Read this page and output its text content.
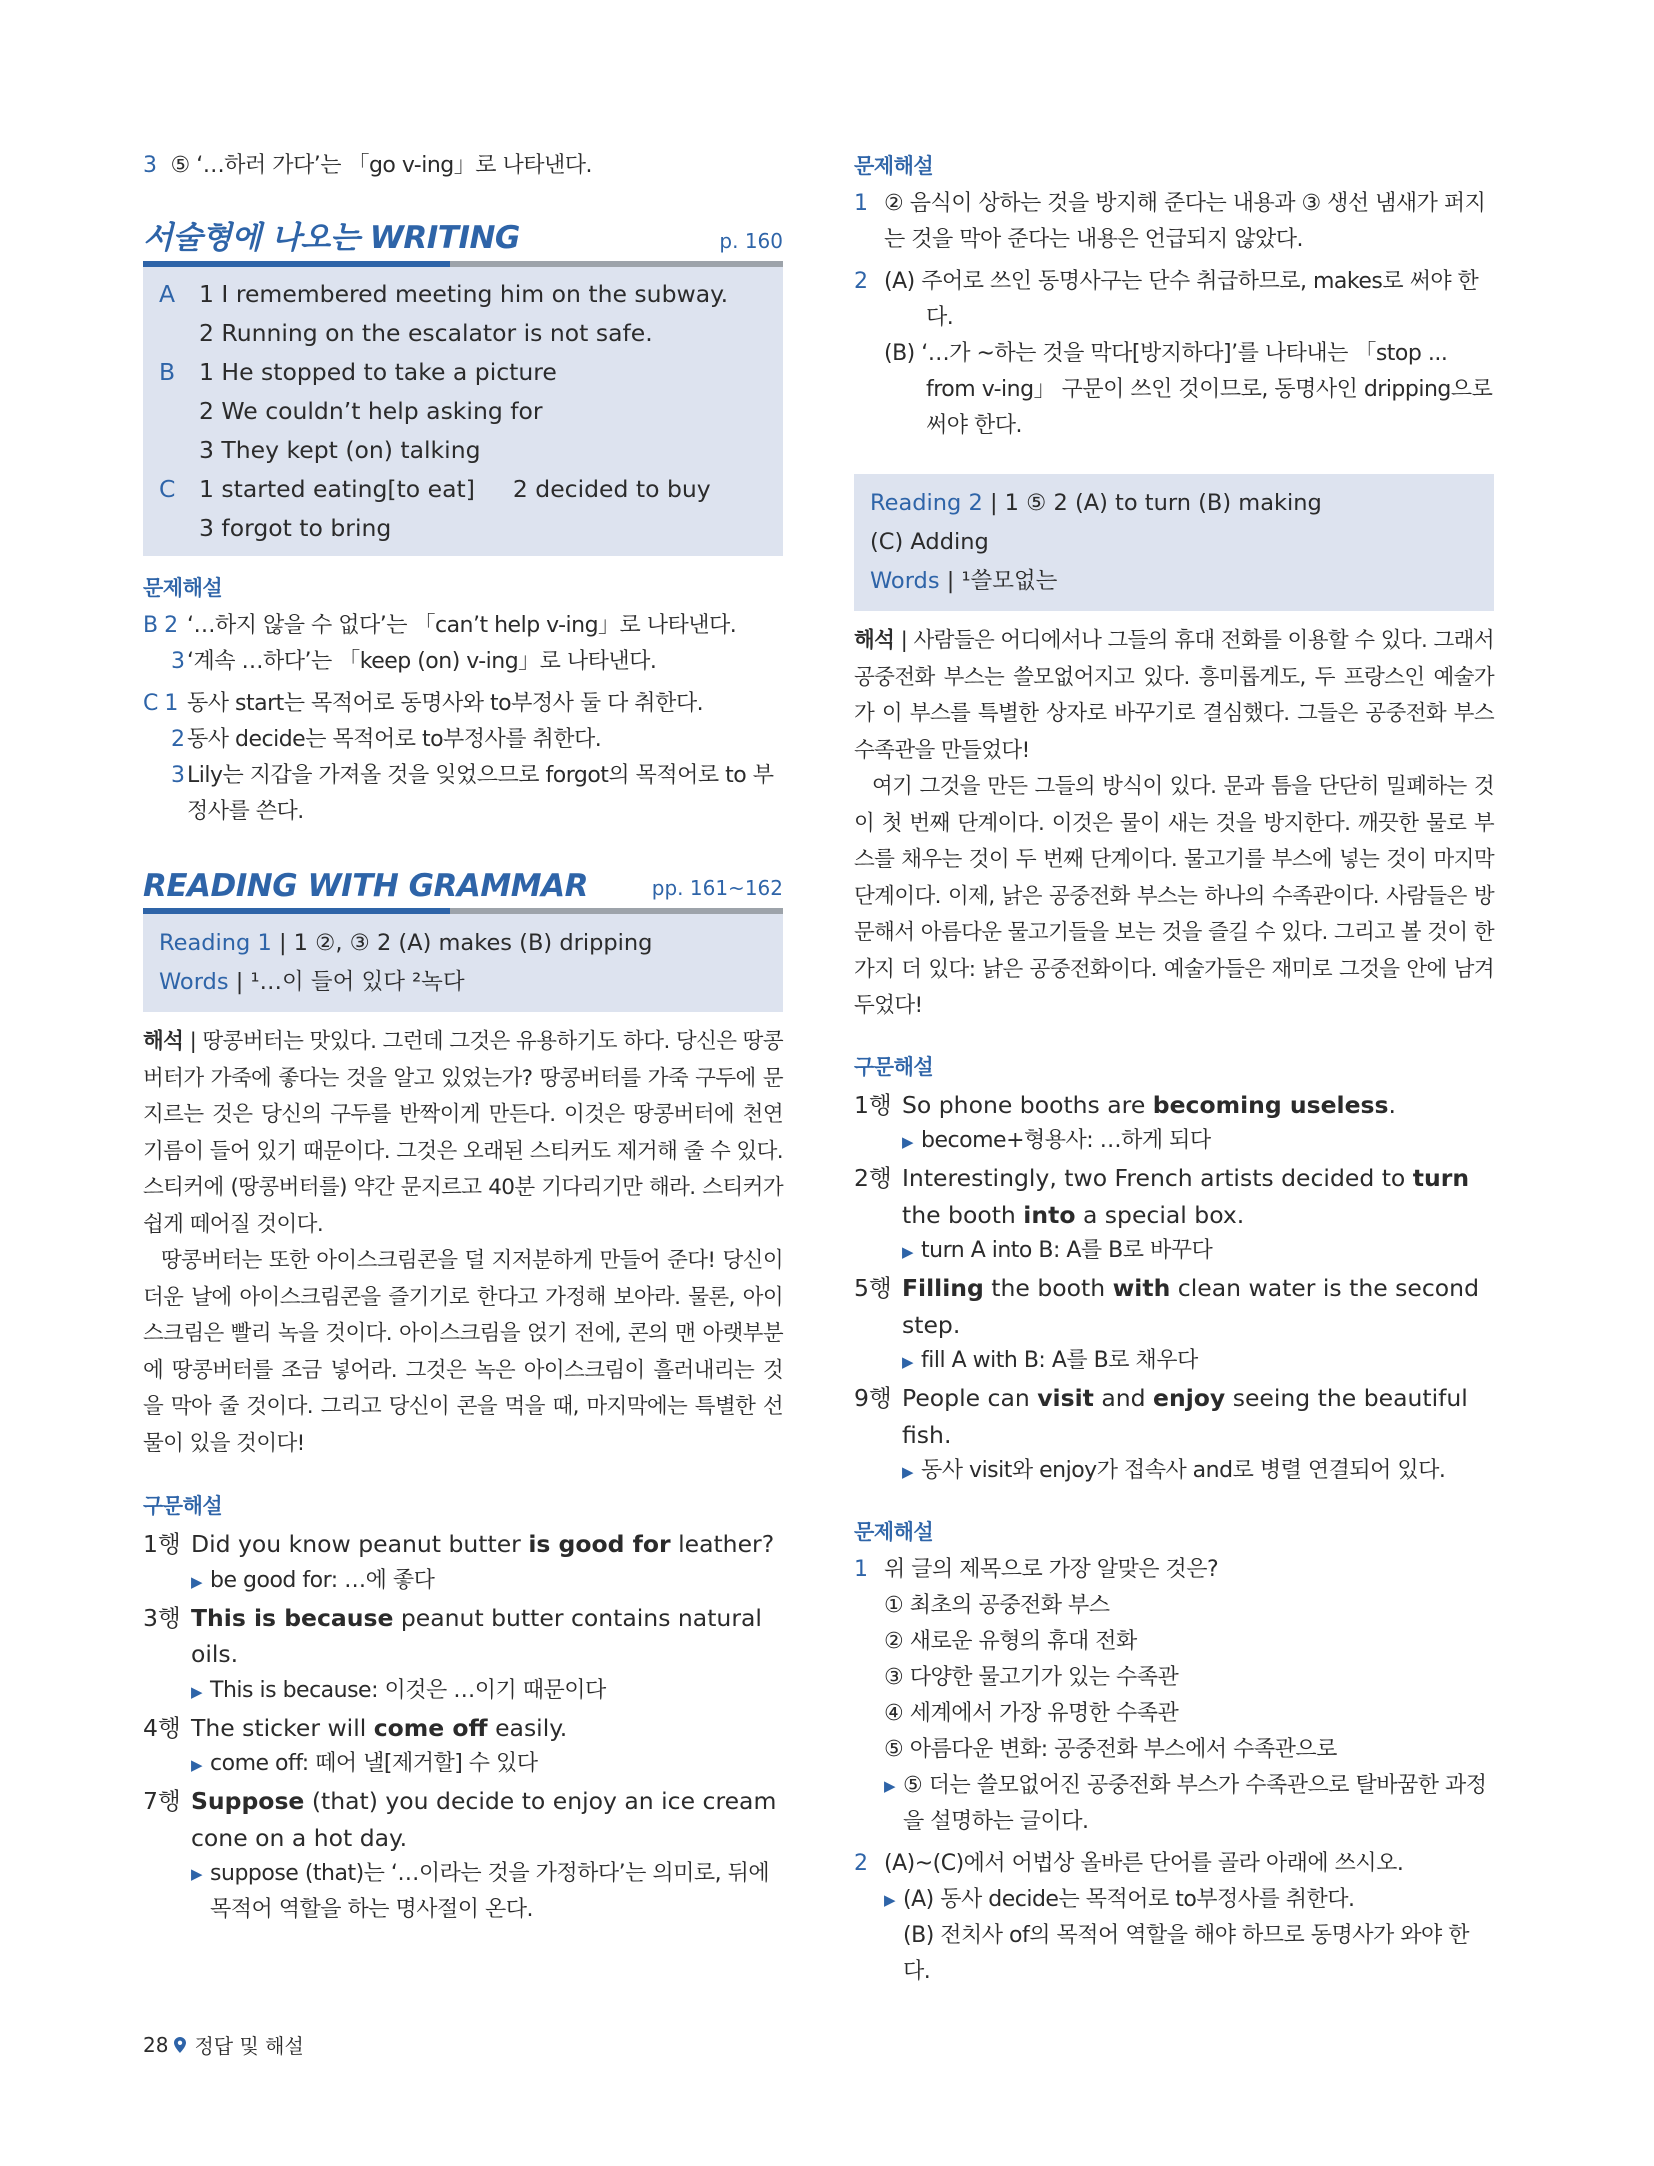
3 ⑤ ‘…하러 가다’는 「go v-ing」로 나타낸다.

서술형에 나오는 WRITING	p. 160
A	1 I remembered meeting him on the subway.
2 Running on the escalator is not safe.
B	1 He stopped to take a picture
2 We couldn’t help asking for
3 They kept (on) talking
C	1 started eating[to eat] 2 decided to buy
3 forgot to bring

문제해설

B 2 ‘…하지 않을 수 없다’는 「can’t help v-ing」로 나타낸다.
3 ‘계속 …하다’는 「keep (on) v-ing」로 나타낸다.
C 1 동사 start는 목적어로 동명사와 to부정사 둘 다 취한다.
2 동사 decide는 목적어로 to부정사를 취한다.
3 Lily는 지갑을 가져올 것을 잊었으므로 forgot의 목적어로 to 부정사를 쓴다.
READING WITH GRAMMAR	pp. 161~162
Reading 1 | 1 ②, ③ 2 (A) makes (B) dripping
Words | ¹…이 들어 있다 ²녹다

해석 | 땅콩버터는 맛있다. 그런데 그것은 유용하기도 하다. 당신은 땅콩버터가 가죽에 좋다는 것을 알고 있었는가? 땅콩버터를 가죽 구두에 문지르는 것은 당신의 구두를 반짝이게 만든다. 이것은 땅콩버터에 천연 기름이 들어 있기 때문이다. 그것은 오래된 스티커도 제거해 줄 수 있다. 스티커에 (땅콩버터를) 약간 문지르고 40분 기다리기만 해라. 스티커가 쉽게 떼어질 것이다.

땅콩버터는 또한 아이스크림콘을 덜 지저분하게 만들어 준다! 당신이 더운 날에 아이스크림콘을 즐기기로 한다고 가정해 보아라. 물론, 아이스크림은 빨리 녹을 것이다. 아이스크림을 얹기 전에, 콘의 맨 아랫부분에 땅콩버터를 조금 넣어라. 그것은 녹은 아이스크림이 흘러내리는 것을 막아 줄 것이다. 그리고 당신이 콘을 먹을 때, 마지막에는 특별한 선물이 있을 것이다!

구문해설

1행 Did you know peanut butter is good for leather?
▶ be good for: …에 좋다
3행 This is because peanut butter contains natural oils.
▶ This is because: 이것은 …이기 때문이다
4행 The sticker will come off easily.
▶ come off: 떼어 낼[제거할] 수 있다
7행 Suppose (that) you decide to enjoy an ice cream cone on a hot day.
▶ suppose (that)는 ‘…이라는 것을 가정하다’는 의미로, 뒤에 목적어 역할을 하는 명사절이 온다.

문제해설

1 ② 음식이 상하는 것을 방지해 준다는 내용과 ③ 생선 냄새가 퍼지는 것을 막아 준다는 내용은 언급되지 않았다.
2 (A) 주어로 쓰인 동명사구는 단수 취급하므로, makes로 써야 한다.
(B) ‘…가 ~하는 것을 막다[방지하다]’를 나타내는 「stop ... from v-ing」 구문이 쓰인 것이므로, 동명사인 dripping으로 써야 한다.
Reading 2 | 1 ⑤ 2 (A) to turn (B) making
(C) Adding
Words | ¹쓸모없는

해석 | 사람들은 어디에서나 그들의 휴대 전화를 이용할 수 있다. 그래서 공중전화 부스는 쓸모없어지고 있다. 흥미롭게도, 두 프랑스인 예술가가 이 부스를 특별한 상자로 바꾸기로 결심했다. 그들은 공중전화 부스 수족관을 만들었다!

여기 그것을 만든 그들의 방식이 있다. 문과 틈을 단단히 밀폐하는 것이 첫 번째 단계이다. 이것은 물이 새는 것을 방지한다. 깨끗한 물로 부스를 채우는 것이 두 번째 단계이다. 물고기를 부스에 넣는 것이 마지막 단계이다. 이제, 낡은 공중전화 부스는 하나의 수족관이다. 사람들은 방문해서 아름다운 물고기들을 보는 것을 즐길 수 있다. 그리고 볼 것이 한 가지 더 있다: 낡은 공중전화이다. 예술가들은 재미로 그것을 안에 남겨 두었다!

구문해설

1행 So phone booths are becoming useless.
▶ become+형용사: …하게 되다
2행 Interestingly, two French artists decided to turn the booth into a special box.
▶ turn A into B: A를 B로 바꾸다
5행 Filling the booth with clean water is the second step.
▶ fill A with B: A를 B로 채우다
9행 People can visit and enjoy seeing the beautiful fish.
▶ 동사 visit와 enjoy가 접속사 and로 병렬 연결되어 있다.

문제해설

1 위 글의 제목으로 가장 알맞은 것은?
① 최초의 공중전화 부스
② 새로운 유형의 휴대 전화
③ 다양한 물고기가 있는 수족관
④ 세계에서 가장 유명한 수족관
⑤ 아름다운 변화: 공중전화 부스에서 수족관으로
▶ ⑤ 더는 쓸모없어진 공중전화 부스가 수족관으로 탈바꿈한 과정을 설명하는 글이다.
2 (A)~(C)에서 어법상 올바른 단어를 골라 아래에 쓰시오.
▶ (A) 동사 decide는 목적어로 to부정사를 취한다.
(B) 전치사 of의 목적어 역할을 해야 하므로 동명사가 와야 한다.
28 정답 및 해설
